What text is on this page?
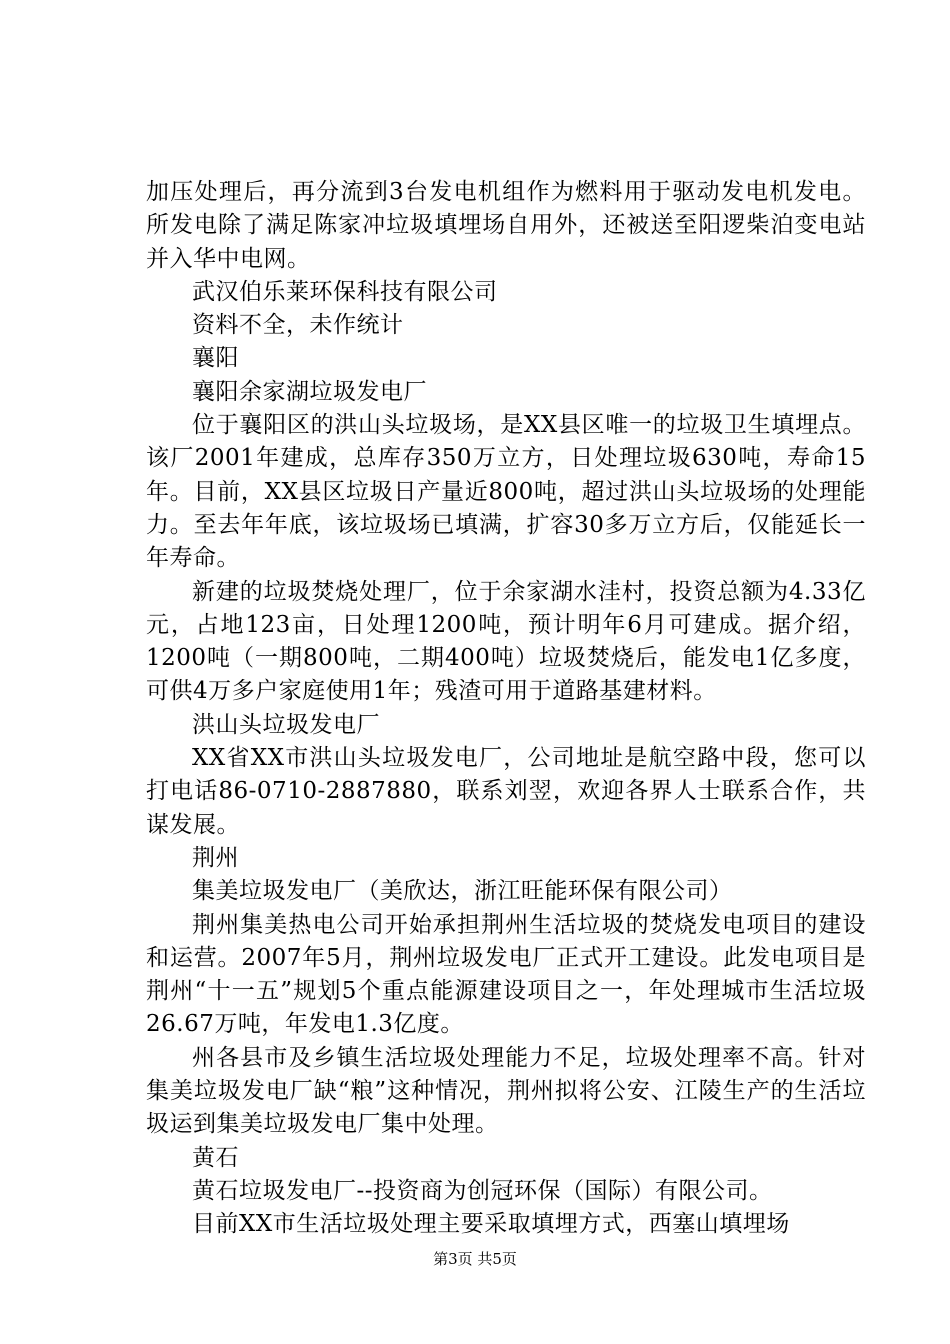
加压处理后，再分流到3台发电机组作为燃料用于驱动发电机发电。所发电除了满足陈家冲垃圾填埋场自用外，还被送至阳逻柴泊变电站并入华中电网。

武汉伯乐莱环保科技有限公司

资料不全，未作统计

襄阳

襄阳余家湖垃圾发电厂

位于襄阳区的洪山头垃圾场，是XX县区唯一的垃圾卫生填埋点。该厂2001年建成，总库存350万立方，日处理垃圾630吨，寿命15年。目前，XX县区垃圾日产量近800吨，超过洪山头垃圾场的处理能力。至去年年底，该垃圾场已填满，扩容30多万立方后，仅能延长一年寿命。

新建的垃圾焚烧处理厂，位于余家湖水洼村，投资总额为4.33亿元，占地123亩，日处理1200吨，预计明年6月可建成。据介绍，1200吨（一期800吨，二期400吨）垃圾焚烧后，能发电1亿多度，可供4万多户家庭使用1年；残渣可用于道路基建材料。

洪山头垃圾发电厂

XX省XX市洪山头垃圾发电厂，公司地址是航空路中段，您可以打电话86-0710-2887880，联系刘翌，欢迎各界人士联系合作，共谋发展。

荆州

集美垃圾发电厂（美欣达，浙江旺能环保有限公司）

荆州集美热电公司开始承担荆州生活垃圾的焚烧发电项目的建设和运营。2007年5月，荆州垃圾发电厂正式开工建设。此发电项目是荆州“十一五”规划5个重点能源建设项目之一，年处理城市生活垃圾26.67万吨，年发电1.3亿度。

州各县市及乡镇生活垃圾处理能力不足，垃圾处理率不高。针对集美垃圾发电厂缺“粮”这种情况，荆州拟将公安、江陵生产的生活垃圾运到集美垃圾发电厂集中处理。

黄石

黄石垃圾发电厂--投资商为创冠环保（国际）有限公司。

目前XX市生活垃圾处理主要采取填埋方式，西塞山填埋场

第3页 共5页
